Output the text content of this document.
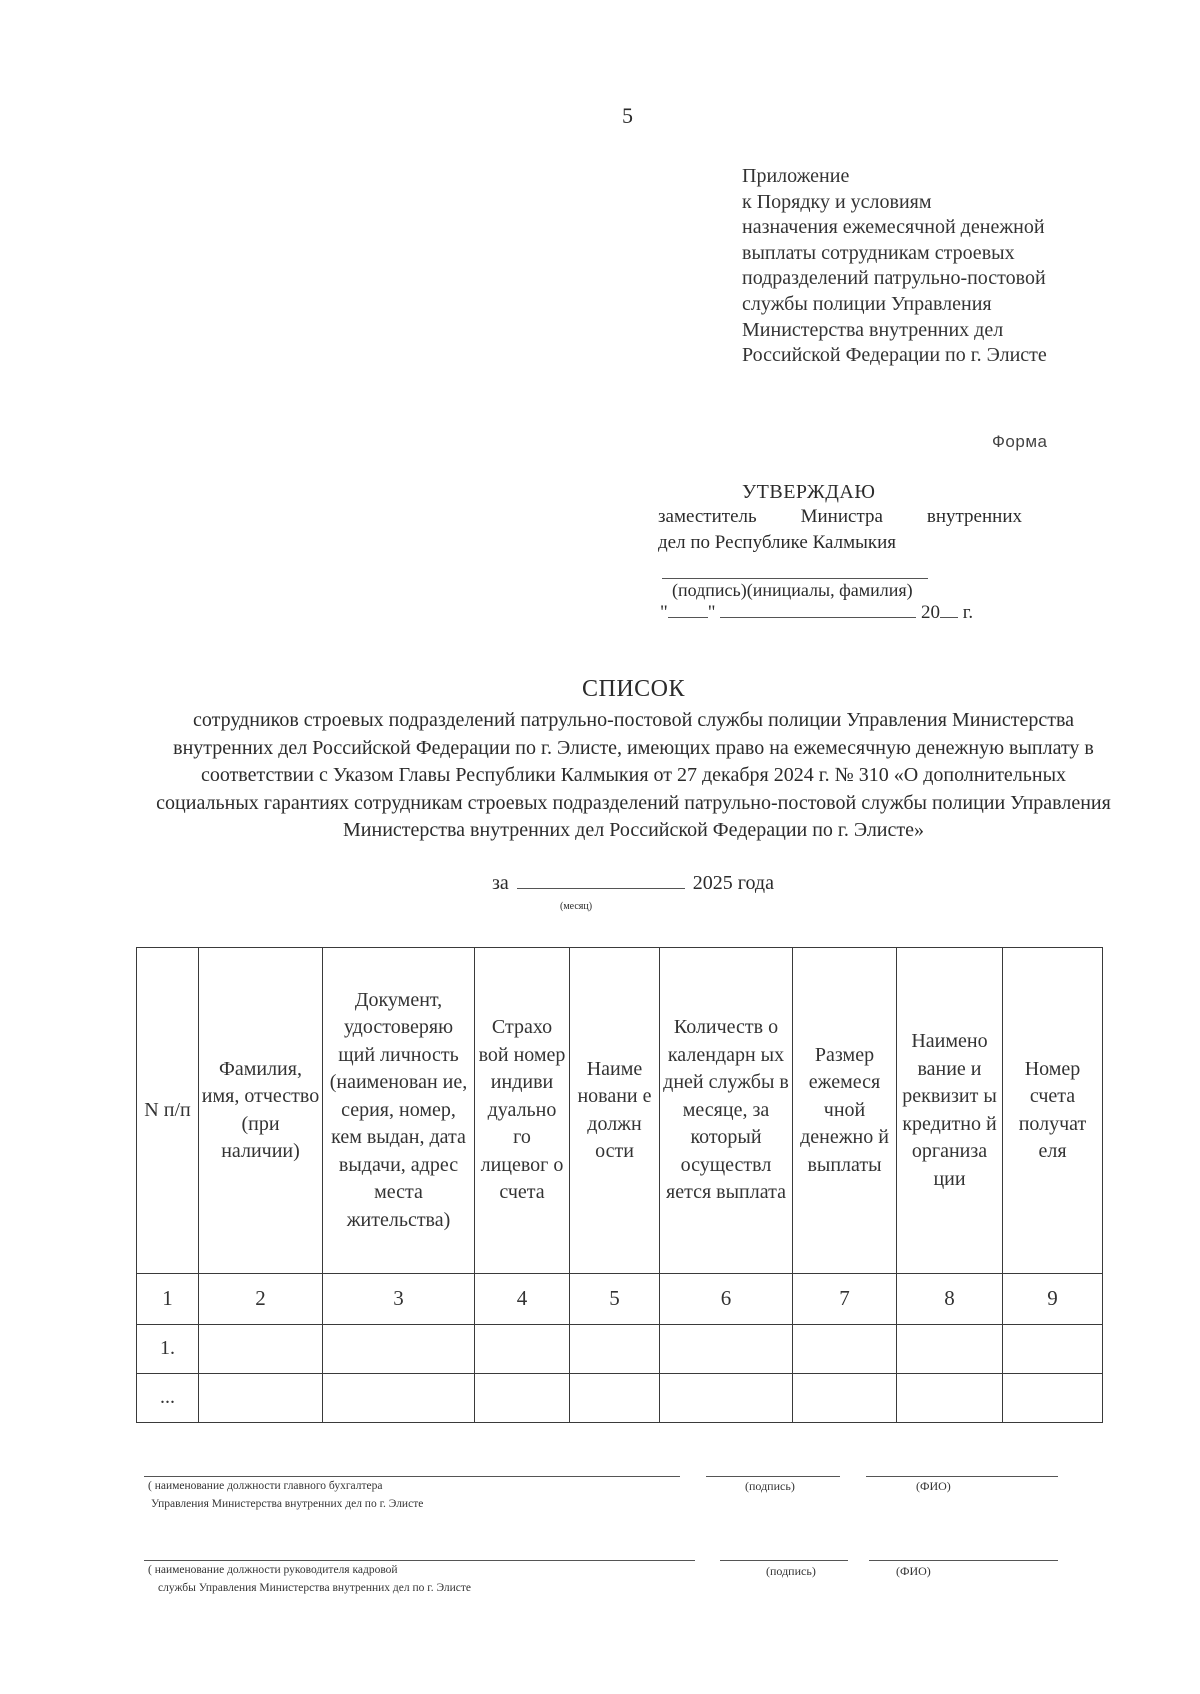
5
Приложение
к Порядку и условиям
назначения ежемесячной денежной
выплаты сотрудникам строевых
подразделений патрульно-постовой
службы полиции Управления
Министерства внутренних дел
Российской Федерации по г. Элисте
Форма
УТВЕРЖДАЮ
заместитель Министра внутренних
дел по Республике Калмыкия
(подпись)(инициалы, фамилия)
" "	20 г.
СПИСОК
сотрудников строевых подразделений патрульно-постовой службы полиции Управления Министерства внутренних дел Российской Федерации по г. Элисте, имеющих право на ежемесячную денежную выплату в соответствии с Указом Главы Республики Калмыкия от 27 декабря 2024 г. № 310 «О дополнительных социальных гарантиях сотрудникам строевых подразделений патрульно-постовой службы полиции Управления Министерства внутренних дел Российской Федерации по г. Элисте»
за	2025 года
(месяц)
N п/п	Фамилия, имя, отчество (при наличии)	Документ, удостоверяю щий личность (наименован ие, серия, номер, кем выдан, дата выдачи, адрес места жительства)	Страхо вой номер индиви дуально го лицевог о счета	Наиме новани е должн ости	Количеств о календарн ых дней службы в месяце, за который осуществл яется выплата	Размер ежемеся чной денежно й выплаты	Наимено вание и реквизит ы кредитно й организа ции	Номер счета получат еля
1	2	3	4	5	6	7	8	9
1.								
...								
( наименование должности главного бухгалтера
Управления Министерства внутренних дел по г. Элисте
(подпись)	(ФИО)
( наименование должности руководителя кадровой
службы Управления Министерства внутренних дел по г. Элисте
(подпись)	(ФИО)
